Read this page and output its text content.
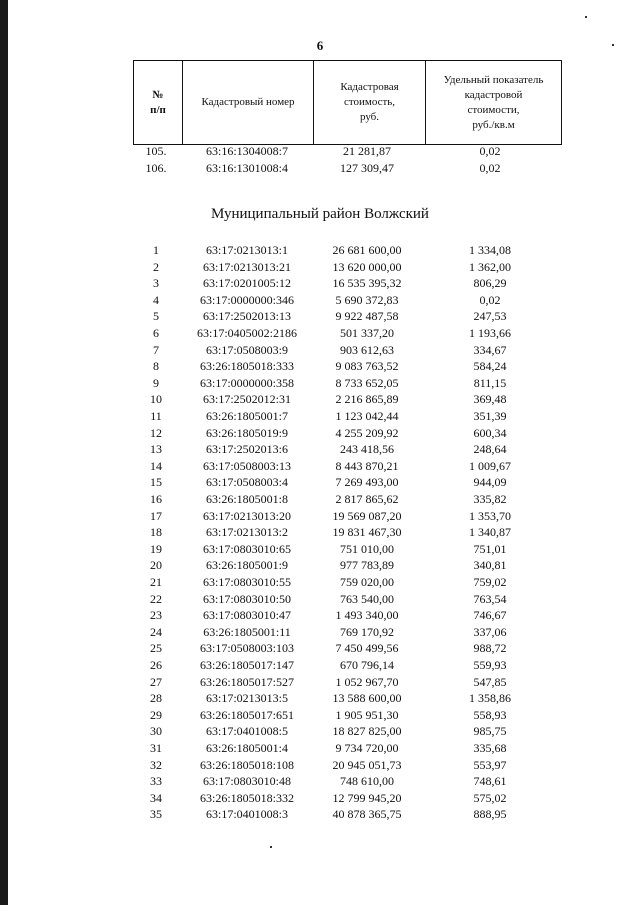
6
№
п/п

Кадастровый номер

Кадастровая
стоимость,
руб.

Удельный показатель
кадастровой
стоимости,
руб./кв.м
105.	63:16:1304008:7	21 281,87	0,02
106.	63:16:1301008:4	127 309,47	0,02
Муниципальный район Волжский
1	63:17:0213013:1	26 681 600,00	1 334,08
2	63:17:0213013:21	13 620 000,00	1 362,00
3	63:17:0201005:12	16 535 395,32	806,29
4	63:17:0000000:346	5 690 372,83	0,02
5	63:17:2502013:13	9 922 487,58	247,53
6	63:17:0405002:2186	501 337,20	1 193,66
7	63:17:0508003:9	903 612,63	334,67
8	63:26:1805018:333	9 083 763,52	584,24
9	63:17:0000000:358	8 733 652,05	811,15
10	63:17:2502012:31	2 216 865,89	369,48
11	63:26:1805001:7	1 123 042,44	351,39
12	63:26:1805019:9	4 255 209,92	600,34
13	63:17:2502013:6	243 418,56	248,64
14	63:17:0508003:13	8 443 870,21	1 009,67
15	63:17:0508003:4	7 269 493,00	944,09
16	63:26:1805001:8	2 817 865,62	335,82
17	63:17:0213013:20	19 569 087,20	1 353,70
18	63:17:0213013:2	19 831 467,30	1 340,87
19	63:17:0803010:65	751 010,00	751,01
20	63:26:1805001:9	977 783,89	340,81
21	63:17:0803010:55	759 020,00	759,02
22	63:17:0803010:50	763 540,00	763,54
23	63:17:0803010:47	1 493 340,00	746,67
24	63:26:1805001:11	769 170,92	337,06
25	63:17:0508003:103	7 450 499,56	988,72
26	63:26:1805017:147	670 796,14	559,93
27	63:26:1805017:527	1 052 967,70	547,85
28	63:17:0213013:5	13 588 600,00	1 358,86
29	63:26:1805017:651	1 905 951,30	558,93
30	63:17:0401008:5	18 827 825,00	985,75
31	63:26:1805001:4	9 734 720,00	335,68
32	63:26:1805018:108	20 945 051,73	553,97
33	63:17:0803010:48	748 610,00	748,61
34	63:26:1805018:332	12 799 945,20	575,02
35	63:17:0401008:3	40 878 365,75	888,95
